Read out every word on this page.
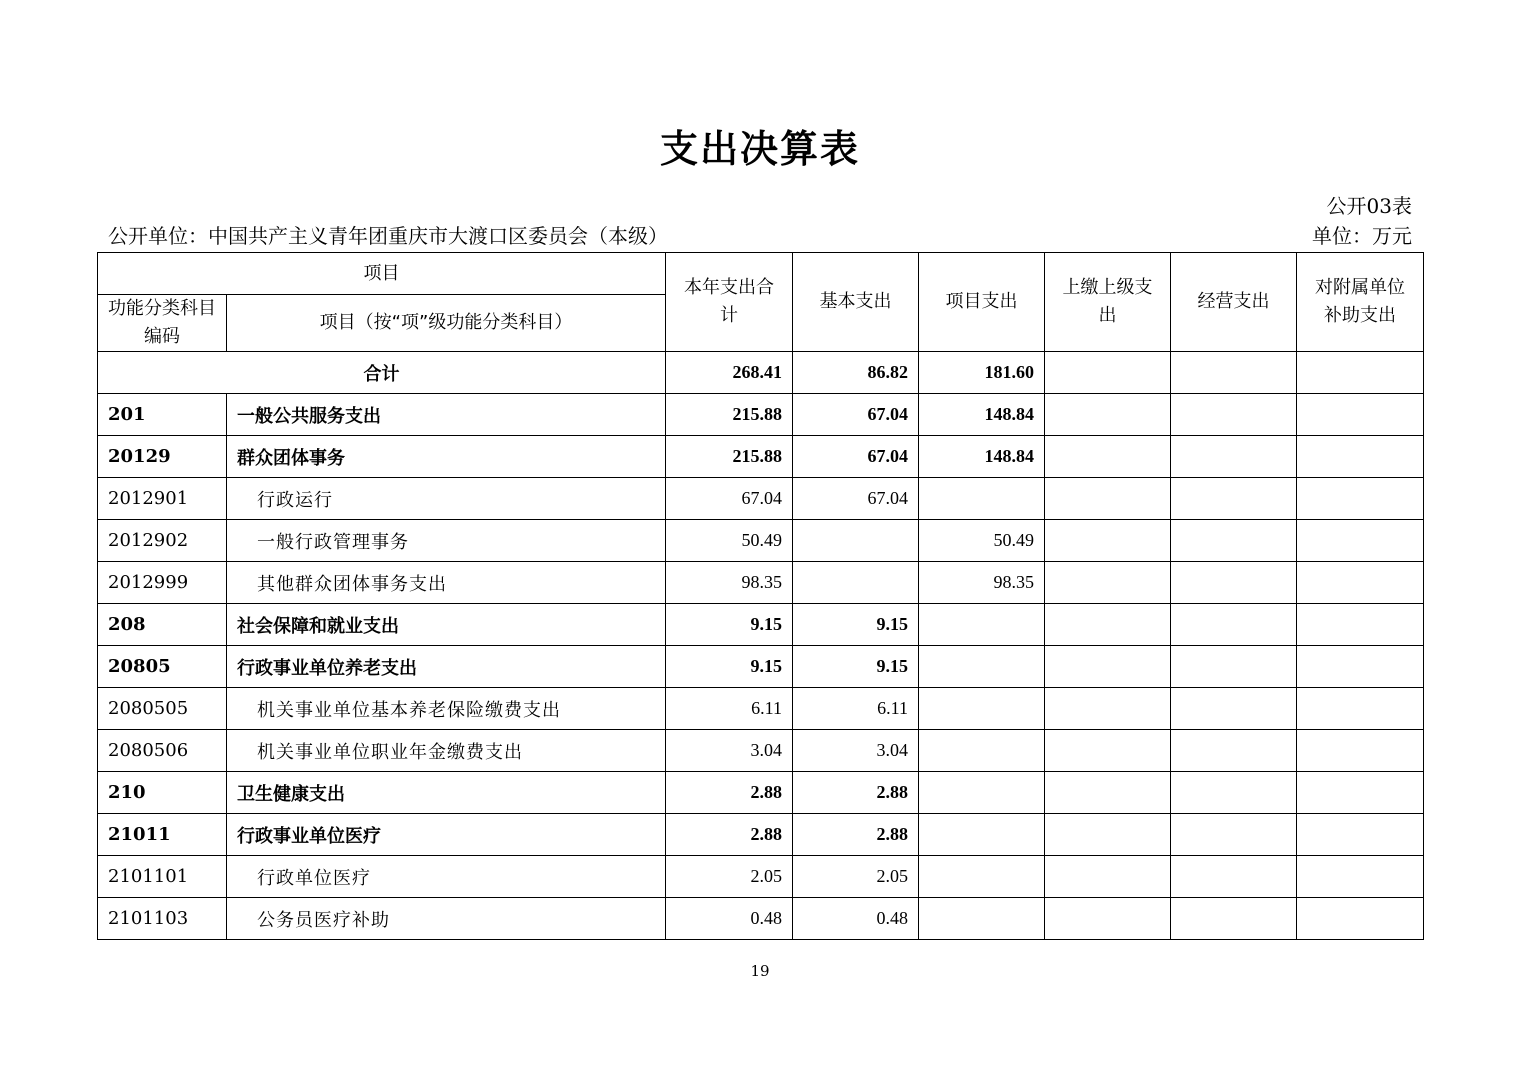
支出决算表
公开03表
公开单位：中国共产主义青年团重庆市大渡口区委员会（本级）	单位：万元
项目		本年支出合计	基本支出	项目支出	上缴上级支出	经营支出	对附属单位补助支出
功能分类科目编码	项目（按“项”级功能分类科目）						
合计		268.41	86.82	181.60			
201	一般公共服务支出	215.88	67.04	148.84			
20129	群众团体事务	215.88	67.04	148.84			
2012901	行政运行	67.04	67.04				
2012902	一般行政管理事务	50.49		50.49			
2012999	其他群众团体事务支出	98.35		98.35			
208	社会保障和就业支出	9.15	9.15				
20805	行政事业单位养老支出	9.15	9.15				
2080505	机关事业单位基本养老保险缴费支出	6.11	6.11				
2080506	机关事业单位职业年金缴费支出	3.04	3.04				
210	卫生健康支出	2.88	2.88				
21011	行政事业单位医疗	2.88	2.88				
2101101	行政单位医疗	2.05	2.05				
2101103	公务员医疗补助	0.48	0.48				
19
